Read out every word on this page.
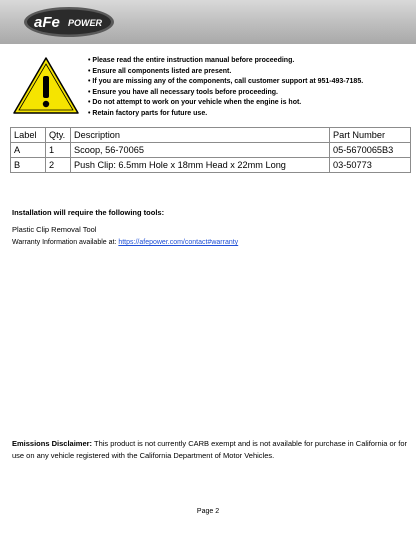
aFe POWER
• Please read the entire instruction manual before proceeding.
• Ensure all components listed are present.
• If you are missing any of the components, call customer support at 951-493-7185.
• Ensure you have all necessary tools before proceeding.
• Do not attempt to work on your vehicle when the engine is hot.
• Retain factory parts for future use.
Label	Qty.	Description	Part Number
A	1	Scoop, 56-70065	05-5670065B3
B	2	Push Clip: 6.5mm Hole x 18mm Head x 22mm Long	03-50773
Installation will require the following tools:
Plastic Clip Removal Tool
Warranty Information available at: https://afepower.com/contact#warranty
Emissions Disclaimer: This product is not currently CARB exempt and is not available for purchase in California or for use on any vehicle registered with the California Department of Motor Vehicles.
Page 2
